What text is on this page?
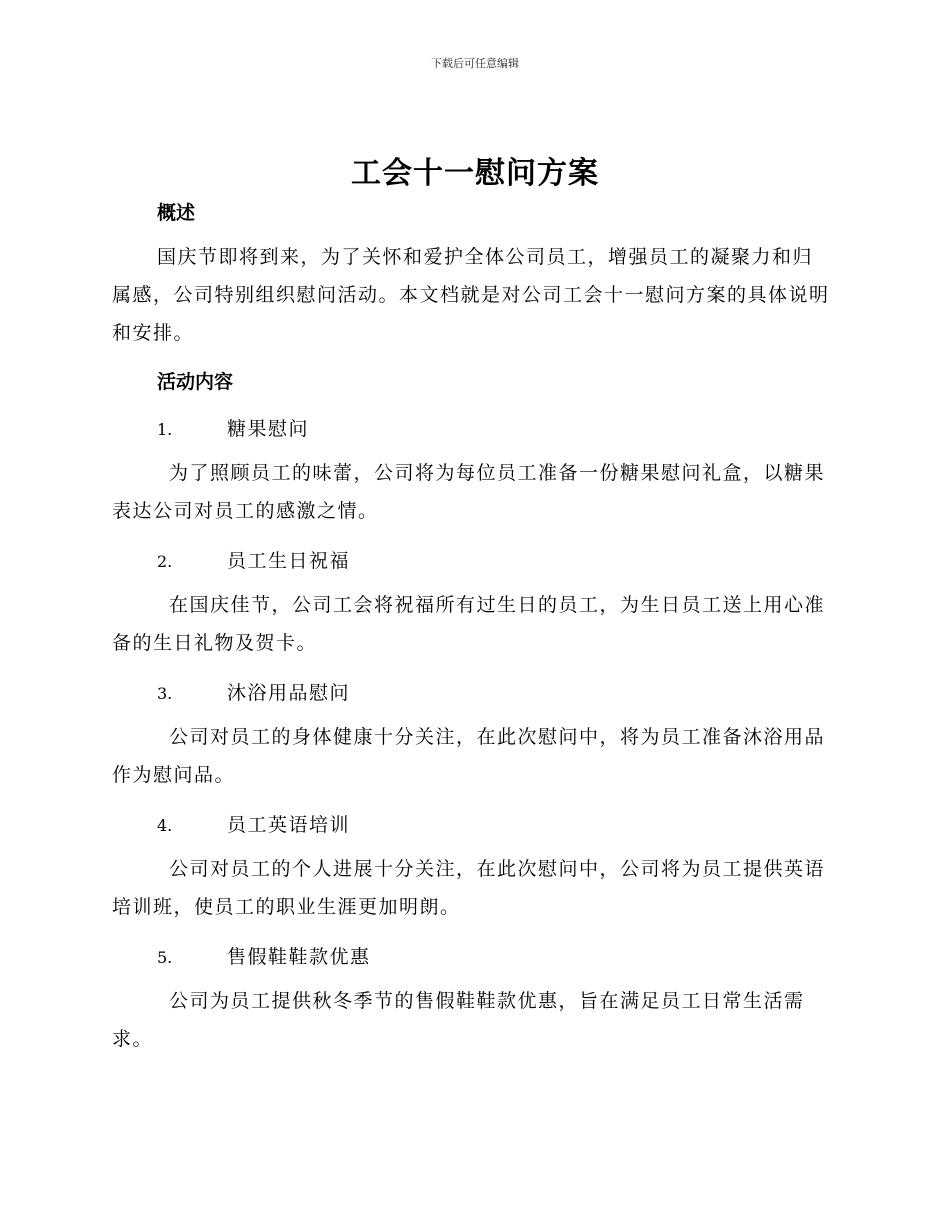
下载后可任意编辑
工会十一慰问方案
概述
国庆节即将到来，为了关怀和爱护全体公司员工，增强员工的凝聚力和归属感，公司特别组织慰问活动。本文档就是对公司工会十一慰问方案的具体说明和安排。
活动内容
1.	糖果慰问
为了照顾员工的味蕾，公司将为每位员工准备一份糖果慰问礼盒，以糖果表达公司对员工的感激之情。
2.	员工生日祝福
在国庆佳节，公司工会将祝福所有过生日的员工，为生日员工送上用心准备的生日礼物及贺卡。
3.	沐浴用品慰问
公司对员工的身体健康十分关注，在此次慰问中，将为员工准备沐浴用品作为慰问品。
4.	员工英语培训
公司对员工的个人进展十分关注，在此次慰问中，公司将为员工提供英语培训班，使员工的职业生涯更加明朗。
5.	售假鞋鞋款优惠
公司为员工提供秋冬季节的售假鞋鞋款优惠，旨在满足员工日常生活需求。
